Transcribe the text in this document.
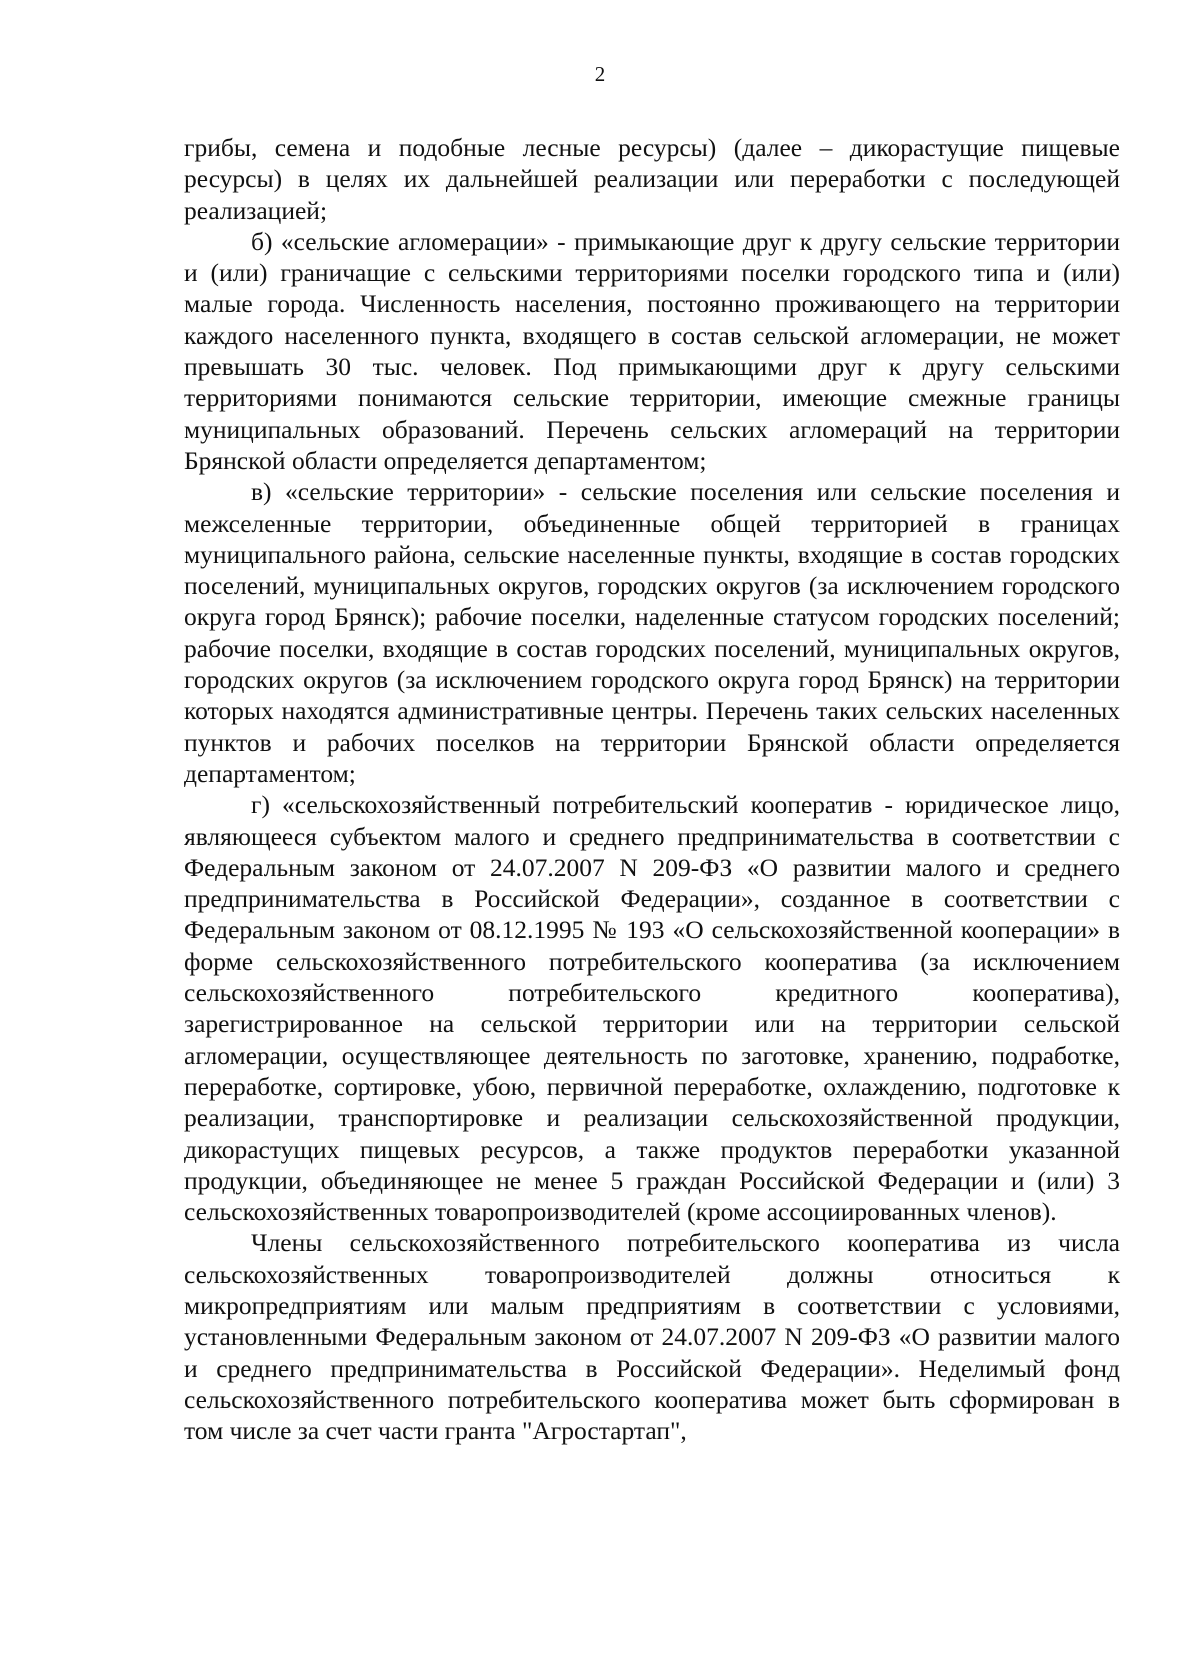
2

грибы, семена и подобные лесные ресурсы) (далее – дикорастущие пищевые ресурсы) в целях их дальнейшей реализации или переработки с последующей реализацией;

б) «сельские агломерации» - примыкающие друг к другу сельские территории и (или) граничащие с сельскими территориями поселки городского типа и (или) малые города. Численность населения, постоянно проживающего на территории каждого населенного пункта, входящего в состав сельской агломерации, не может превышать 30 тыс. человек. Под примыкающими друг к другу сельскими территориями понимаются сельские территории, имеющие смежные границы муниципальных образований. Перечень сельских агломераций на территории Брянской области определяется департаментом;

в) «сельские территории» - сельские поселения или сельские поселения и межселенные территории, объединенные общей территорией в границах муниципального района, сельские населенные пункты, входящие в состав городских поселений, муниципальных округов, городских округов (за исключением городского округа город Брянск); рабочие поселки, наделенные статусом городских поселений; рабочие поселки, входящие в состав городских поселений, муниципальных округов, городских округов (за исключением городского округа город Брянск) на территории которых находятся административные центры. Перечень таких сельских населенных пунктов и рабочих поселков на территории Брянской области определяется департаментом;

г) «сельскохозяйственный потребительский кооператив - юридическое лицо, являющееся субъектом малого и среднего предпринимательства в соответствии с Федеральным законом от 24.07.2007 N 209-ФЗ «О развитии малого и среднего предпринимательства в Российской Федерации», созданное в соответствии с Федеральным законом от 08.12.1995 № 193 «О сельскохозяйственной кооперации» в форме сельскохозяйственного потребительского кооператива (за исключением сельскохозяйственного потребительского кредитного кооператива), зарегистрированное на сельской территории или на территории сельской агломерации, осуществляющее деятельность по заготовке, хранению, подработке, переработке, сортировке, убою, первичной переработке, охлаждению, подготовке к реализации, транспортировке и реализации сельскохозяйственной продукции, дикорастущих пищевых ресурсов, а также продуктов переработки указанной продукции, объединяющее не менее 5 граждан Российской Федерации и (или) 3 сельскохозяйственных товаропроизводителей (кроме ассоциированных членов).

Члены сельскохозяйственного потребительского кооператива из числа сельскохозяйственных товаропроизводителей должны относиться к микропредприятиям или малым предприятиям в соответствии с условиями, установленными Федеральным законом от 24.07.2007 N 209-ФЗ «О развитии малого и среднего предпринимательства в Российской Федерации». Неделимый фонд сельскохозяйственного потребительского кооператива может быть сформирован в том числе за счет части гранта "Агростартап",
